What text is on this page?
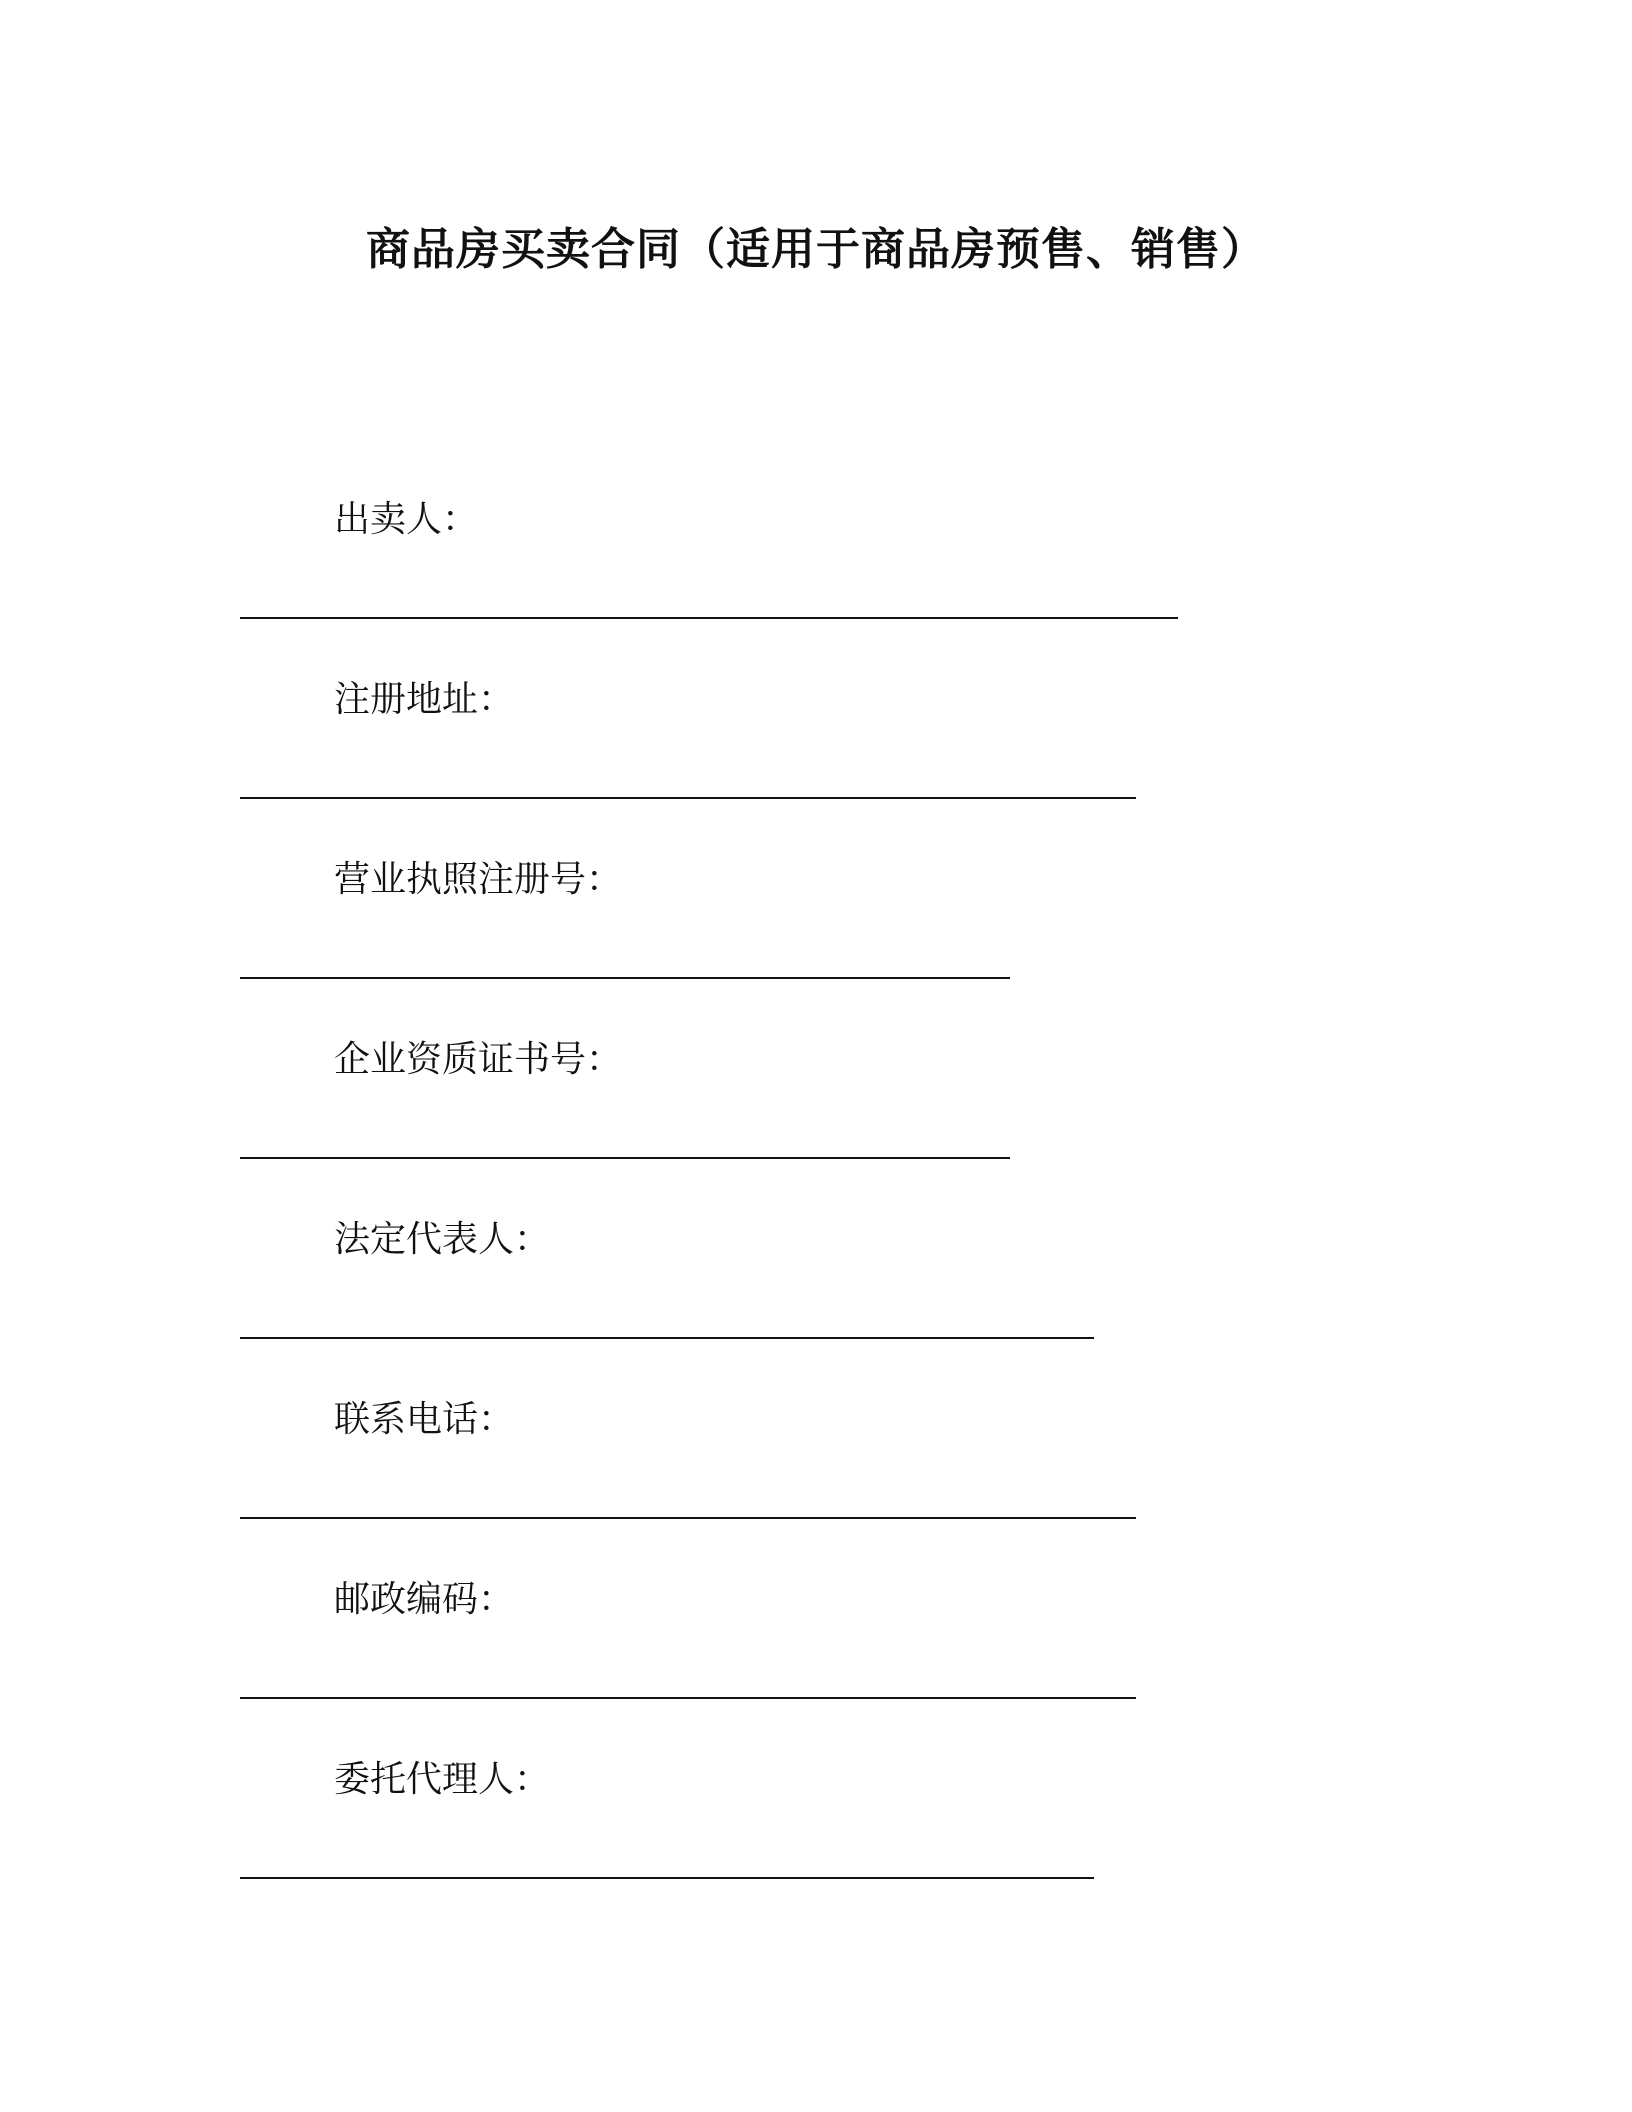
商品房买卖合同（适用于商品房预售、销售）
出卖人：
注册地址：
营业执照注册号：
企业资质证书号：
法定代表人：
联系电话：
邮政编码：
委托代理人：
